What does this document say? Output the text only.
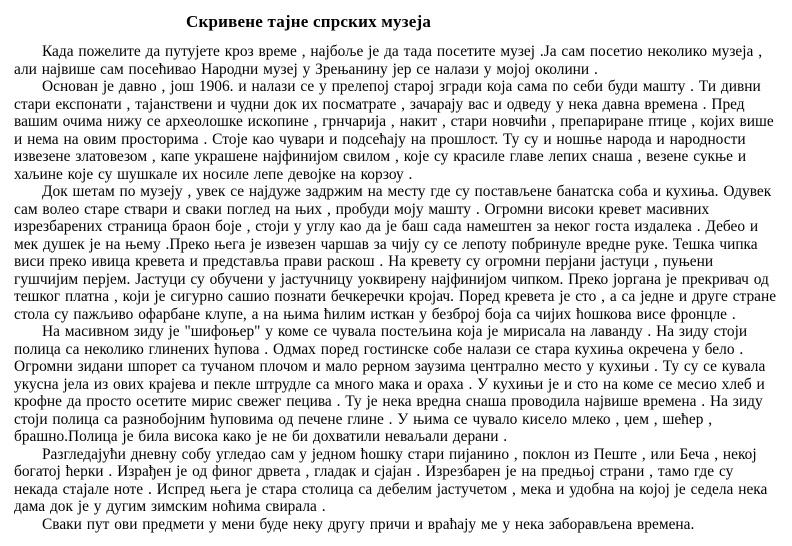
Скривене тајне спрских музеја

Када пожелите да путујете кроз време , најбоље је да тада посетите музеј .Ја сам посетио неколико музеја , али највише сам посећивао Народни музеј у Зрењанину јер се налази у мојој околини .

Основан је давно , још 1906. и налази се у прелепој старој згради која сама по себи буди машту . Ти дивни стари експонати , тајанствени и чудни док их посматрате , зачарају вас и одведу у нека давна времена . Пред вашим очима нижу се археолошке ископине , грнчарија , накит , стари новчићи , препариране птице , којих више и нема на овим просторима . Стоје као чувари и подсећају на прошлост. Ту су и ношње народа и народности извезене златовезом , капе украшене најфинијом свилом , које су красиле главе лепих снаша , везене сукње и хаљине које су шушкале их носиле лепе девојке на корзоу .

Док шетам по музеју , увек се најдуже задржим на месту где су постављене банатска соба и кухиња. Одувек сам волео старе ствари и сваки поглед на њих , пробуди моју машту . Огромни високи кревет масивних изрезбарених страница браон боје , стоји у углу као да је баш сада намештен за неког госта издалека . Дебео и мек душек је на њему .Преко њега је извезен чаршав за чију су се лепоту побринуле вредне руке. Тешка чипка виси преко ивица кревета и представља прави раскош . На кревету су огромни перјани јастуци , пуњени гушчијим перјем. Јастуци су обучени у јастучницу уоквирену најфинијом чипком. Преко јоргана је прекривач од тешког платна , који је сигурно сашио познати бечкеречки кројач. Поред кревета је сто , а са једне и друге стране стола су пажљиво офарбане клупе, а на њима ћилим исткан у безброј боја са чијих ћошкова висе фронцле .

На масивном зиду је "шифоњер" у коме се чувала постељина која је мирисала на лаванду . На зиду стоји полица са неколико глинених ћупова . Одмах поред гостинске собе налази се стара кухиња окречена у бело . Огромни зидани шпорет са тучаном плочом и мало рерном заузима централно место у кухињи . Ту су се кувала укусна јела из ових крајева и пекле штрудле са много мака и ораха . У кухињи је и сто на коме се месио хлеб и крофне да просто осетите мирис свежег пецива . Ту је нека вредна снаша проводила највише времена . На зиду стоји полица са разнобојним ћуповима од печене глине . У њима се чувало кисело млеко , џем , шећер , брашно.Полица је била висока како је не би дохватили неваљали дерани .

Разгледајући дневну собу угледао сам у једном ћошку стари пијанино , поклон из Пеште , или Беча , некој богатој ћерки . Израђен је од финог дрвета , гладак и сјајан . Изрезбарен је на предњој страни , тамо где су некада стајале ноте . Испред њега је стара столица са дебелим јастучетом , мека и удобна на којој је седела нека дама док је у дугим зимским ноћима свирала .

Сваки пут ови предмети у мени буде неку другу причи и враћају ме у нека заборављена времена.
